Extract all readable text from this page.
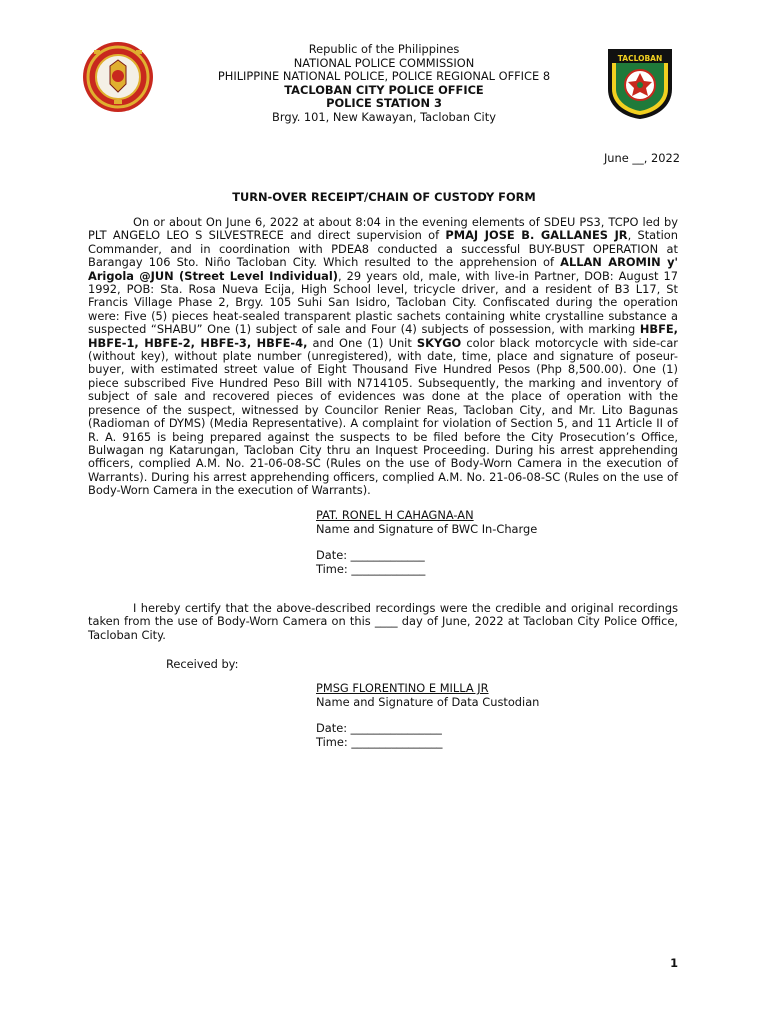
TACLOBAN
Republic of the Philippines
NATIONAL POLICE COMMISSION
PHILIPPINE NATIONAL POLICE, POLICE REGIONAL OFFICE 8
TACLOBAN CITY POLICE OFFICE
POLICE STATION 3
Brgy. 101, New Kawayan, Tacloban City
June __, 2022
TURN-OVER RECEIPT/CHAIN OF CUSTODY FORM
On or about On June 6, 2022 at about 8:04 in the evening elements of SDEU PS3, TCPO led by PLT ANGELO LEO S SILVESTRECE and direct supervision of PMAJ JOSE B. GALLANES JR, Station Commander, and in coordination with PDEA8 conducted a successful BUY-BUST OPERATION at Barangay 106 Sto. Niño Tacloban City. Which resulted to the apprehension of ALLAN AROMIN y' Arigola @JUN (Street Level Individual), 29 years old, male, with live-in Partner, DOB: August 17 1992, POB: Sta. Rosa Nueva Ecija, High School level, tricycle driver, and a resident of B3 L17, St Francis Village Phase 2, Brgy. 105 Suhi San Isidro, Tacloban City. Confiscated during the operation were: Five (5) pieces heat-sealed transparent plastic sachets containing white crystalline substance a suspected “SHABU” One (1) subject of sale and Four (4) subjects of possession, with marking HBFE, HBFE-1, HBFE-2, HBFE-3, HBFE-4, and One (1) Unit SKYGO color black motorcycle with side-car (without key), without plate number (unregistered), with date, time, place and signature of poseur-buyer, with estimated street value of Eight Thousand Five Hundred Pesos (Php 8,500.00). One (1) piece subscribed Five Hundred Peso Bill with N714105. Subsequently, the marking and inventory of subject of sale and recovered pieces of evidences was done at the place of operation with the presence of the suspect, witnessed by Councilor Renier Reas, Tacloban City, and Mr. Lito Bagunas (Radioman of DYMS) (Media Representative). A complaint for violation of Section 5, and 11 Article II of R. A. 9165 is being prepared against the suspects to be filed before the City Prosecution’s Office, Bulwagan ng Katarungan, Tacloban City thru an Inquest Proceeding. During his arrest apprehending officers, complied A.M. No. 21-06-08-SC (Rules on the use of Body-Worn Camera in the execution of Warrants). During his arrest apprehending officers, complied A.M. No. 21-06-08-SC (Rules on the use of Body-Worn Camera in the execution of Warrants).
PAT. RONEL H CAHAGNA-AN
Name and Signature of BWC In-Charge
Date: _____________
Time: _____________
I hereby certify that the above-described recordings were the credible and original recordings taken from the use of Body-Worn Camera on this ____ day of June, 2022 at Tacloban City Police Office, Tacloban City.
Received by:
PMSG FLORENTINO E MILLA JR
Name and Signature of Data Custodian
Date: ________________
Time: ________________
1
